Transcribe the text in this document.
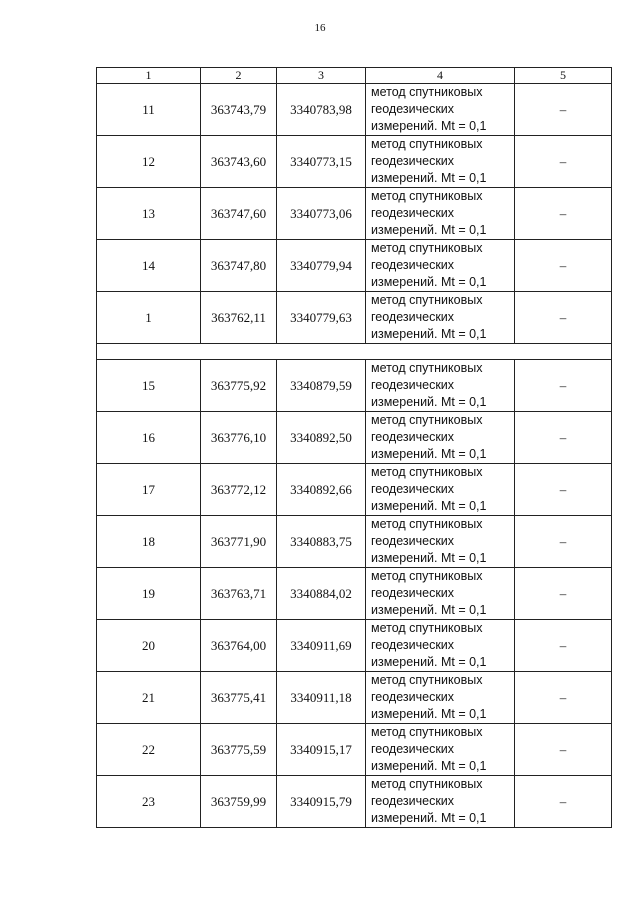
16
1	2	3	4	5
11	363743,79	3340783,98	метод спутниковых
геодезических
измерений. Mt = 0,1	–
12	363743,60	3340773,15	метод спутниковых
геодезических
измерений. Mt = 0,1	–
13	363747,60	3340773,06	метод спутниковых
геодезических
измерений. Mt = 0,1	–
14	363747,80	3340779,94	метод спутниковых
геодезических
измерений. Mt = 0,1	–
1	363762,11	3340779,63	метод спутниковых
геодезических
измерений. Mt = 0,1	–

15	363775,92	3340879,59	метод спутниковых
геодезических
измерений. Mt = 0,1	–
16	363776,10	3340892,50	метод спутниковых
геодезических
измерений. Mt = 0,1	–
17	363772,12	3340892,66	метод спутниковых
геодезических
измерений. Mt = 0,1	–
18	363771,90	3340883,75	метод спутниковых
геодезических
измерений. Mt = 0,1	–
19	363763,71	3340884,02	метод спутниковых
геодезических
измерений. Mt = 0,1	–
20	363764,00	3340911,69	метод спутниковых
геодезических
измерений. Mt = 0,1	–
21	363775,41	3340911,18	метод спутниковых
геодезических
измерений. Mt = 0,1	–
22	363775,59	3340915,17	метод спутниковых
геодезических
измерений. Mt = 0,1	–
23	363759,99	3340915,79	метод спутниковых
геодезических
измерений. Mt = 0,1	–
